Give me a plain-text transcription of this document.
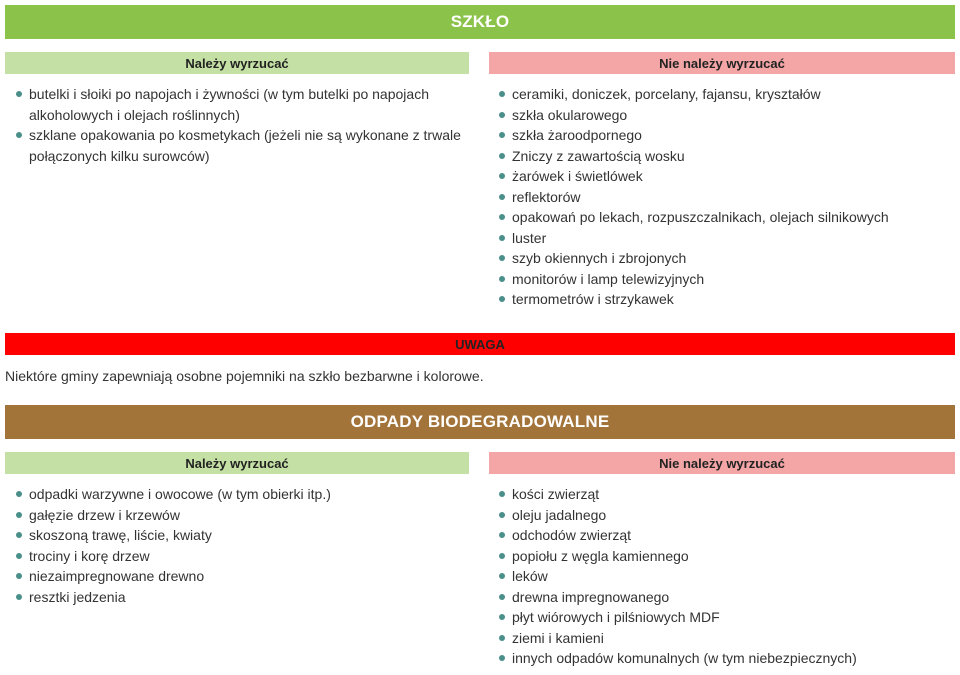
SZKŁO
Należy wyrzucać	Nie należy wyrzucać
butelki i słoiki po napojach i żywności (w tym butelki po napojach alkoholowych i olejach roślinnych)
szklane opakowania po kosmetykach (jeżeli nie są wykonane z trwale połączonych kilku surowców)
ceramiki, doniczek, porcelany, fajansu, kryształów
szkła okularowego
szkła żaroodpornego
Zniczy z zawartością wosku
żarówek i świetlówek
reflektorów
opakowań po lekach, rozpuszczalnikach, olejach silnikowych
luster
szyb okiennych i zbrojonych
monitorów i lamp telewizyjnych
termometrów i strzykawek
UWAGA
Niektóre gminy zapewniają osobne pojemniki na szkło bezbarwne i kolorowe.
ODPADY BIODEGRADOWALNE
Należy wyrzucać	Nie należy wyrzucać
odpadki warzywne i owocowe (w tym obierki itp.)
gałęzie drzew i krzewów
skoszoną trawę, liście, kwiaty
trociny i korę drzew
niezaimpregnowane drewno
resztki jedzenia
kości zwierząt
oleju jadalnego
odchodów zwierząt
popiołu z węgla kamiennego
leków
drewna impregnowanego
płyt wiórowych i pilśniowych MDF
ziemi i kamieni
innych odpadów komunalnych (w tym niebezpiecznych)
